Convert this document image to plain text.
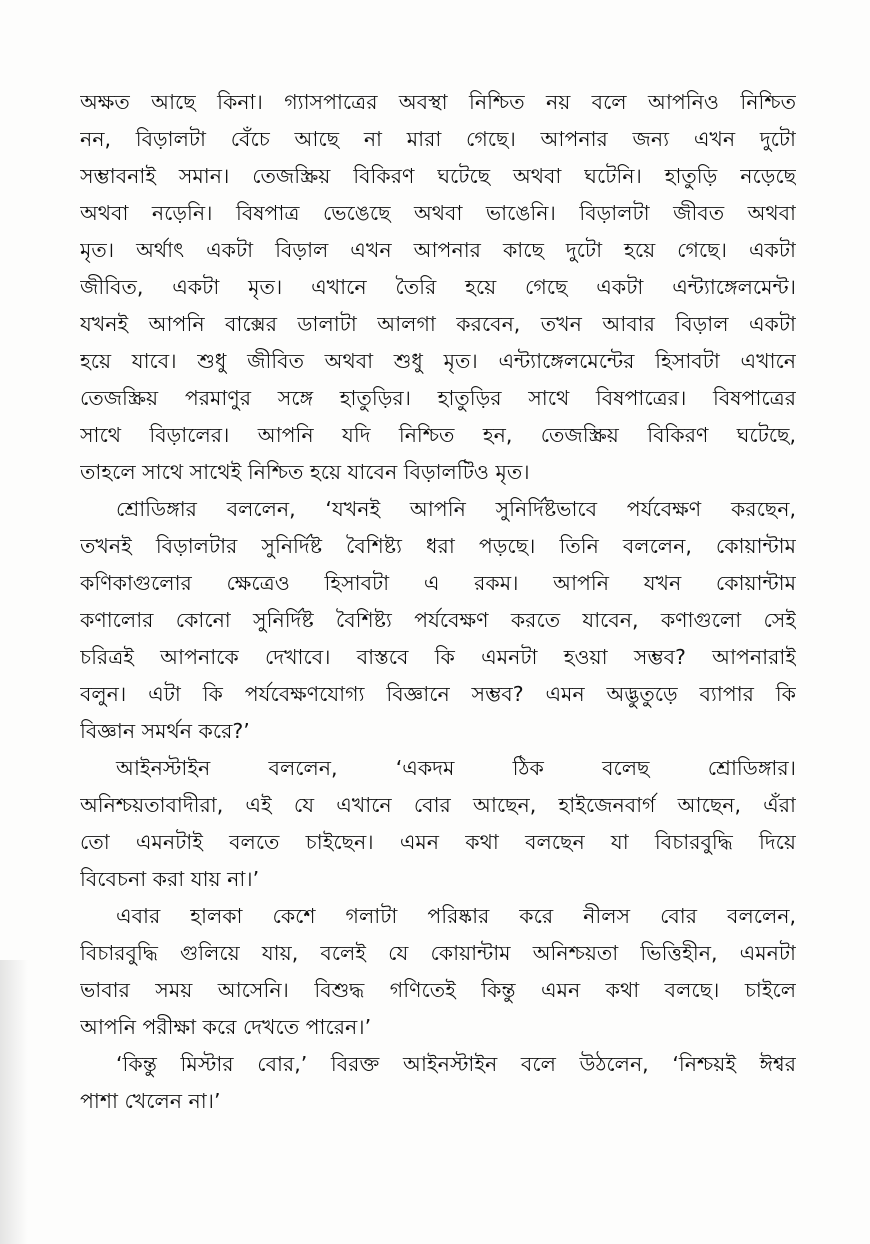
অক্ষত আছে কিনা। গ্যাসপাত্রের অবস্থা নিশ্চিত নয় বলে আপনিও নিশ্চিত
নন, বিড়ালটা বেঁচে আছে না মারা গেছে। আপনার জন্য এখন দুটো
সম্ভাবনাই সমান। তেজস্ক্রিয় বিকিরণ ঘটেছে অথবা ঘটেনি। হাতুড়ি নড়েছে
অথবা নড়েনি। বিষপাত্র ভেঙেছে অথবা ভাঙেনি। বিড়ালটা জীবত অথবা
মৃত। অর্থাৎ একটা বিড়াল এখন আপনার কাছে দুটো হয়ে গেছে। একটা
জীবিত, একটা মৃত। এখানে তৈরি হয়ে গেছে একটা এন্ট্যাঙ্গেলমেন্ট।
যখনই আপনি বাক্সের ডালাটা আলগা করবেন, তখন আবার বিড়াল একটা
হয়ে যাবে। শুধু জীবিত অথবা শুধু মৃত। এন্ট্যাঙ্গেলমেন্টের হিসাবটা এখানে
তেজস্ক্রিয় পরমাণুর সঙ্গে হাতুড়ির। হাতুড়ির সাথে বিষপাত্রের। বিষপাত্রের
সাথে বিড়ালের। আপনি যদি নিশ্চিত হন, তেজস্ক্রিয় বিকিরণ ঘটেছে,
তাহলে সাথে সাথেই নিশ্চিত হয়ে যাবেন বিড়ালটিও মৃত।

শ্রোডিঙ্গার বললেন, ‘যখনই আপনি সুনির্দিষ্টভাবে পর্যবেক্ষণ করছেন,
তখনই বিড়ালটার সুনির্দিষ্ট বৈশিষ্ট্য ধরা পড়ছে। তিনি বললেন, কোয়ান্টাম
কণিকাগুলোর ক্ষেত্রেও হিসাবটা এ রকম। আপনি যখন কোয়ান্টাম
কণালোর কোনো সুনির্দিষ্ট বৈশিষ্ট্য পর্যবেক্ষণ করতে যাবেন, কণাগুলো সেই
চরিত্রই আপনাকে দেখাবে। বাস্তবে কি এমনটা হওয়া সম্ভব? আপনারাই
বলুন। এটা কি পর্যবেক্ষণযোগ্য বিজ্ঞানে সম্ভব? এমন অদ্ভুতুড়ে ব্যাপার কি
বিজ্ঞান সমর্থন করে?’

আইনস্টাইন বললেন, ‘একদম ঠিক বলেছ শ্রোডিঙ্গার।
অনিশ্চয়তাবাদীরা, এই যে এখানে বোর আছেন, হাইজেনবার্গ আছেন, এঁরা
তো এমনটাই বলতে চাইছেন। এমন কথা বলছেন যা বিচারবুদ্ধি দিয়ে
বিবেচনা করা যায় না।’

এবার হালকা কেশে গলাটা পরিষ্কার করে নীলস বোর বললেন,
বিচারবুদ্ধি গুলিয়ে যায়, বলেই যে কোয়ান্টাম অনিশ্চয়তা ভিত্তিহীন, এমনটা
ভাবার সময় আসেনি। বিশুদ্ধ গণিতেই কিন্তু এমন কথা বলছে। চাইলে
আপনি পরীক্ষা করে দেখতে পারেন।’

‘কিন্তু মিস্টার বোর,’ বিরক্ত আইনস্টাইন বলে উঠলেন, ‘নিশ্চয়ই ঈশ্বর
পাশা খেলেন না।’
